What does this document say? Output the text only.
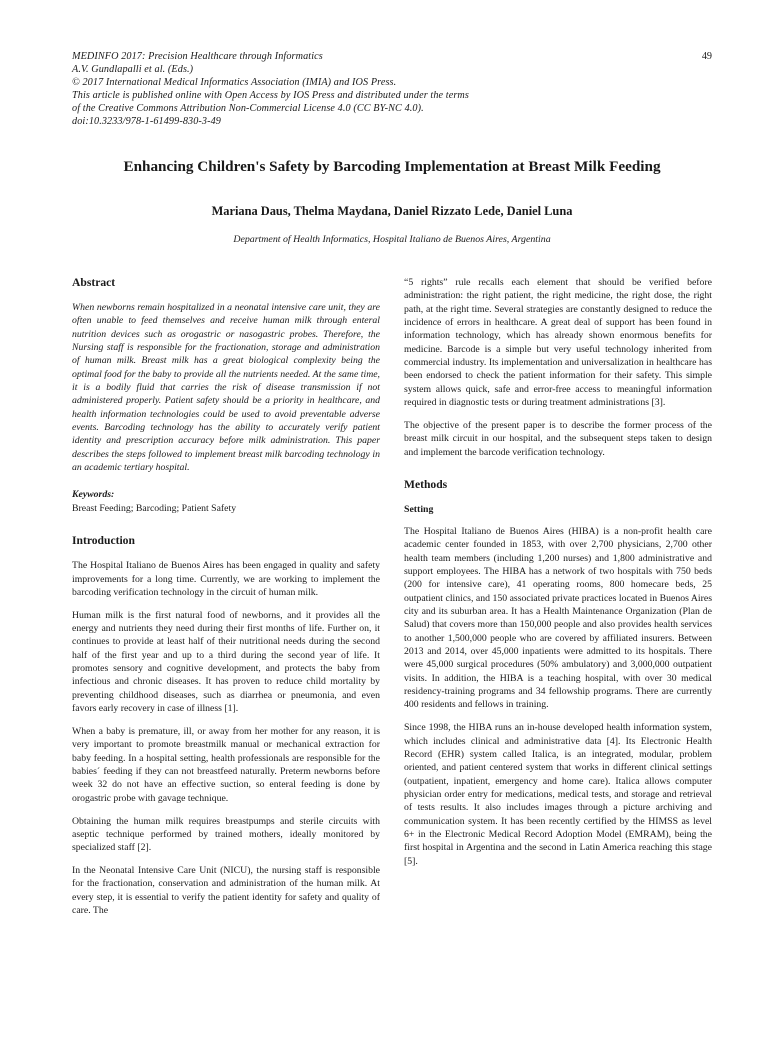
MEDINFO 2017: Precision Healthcare through Informatics
A.V. Gundlapalli et al. (Eds.)
© 2017 International Medical Informatics Association (IMIA) and IOS Press.
This article is published online with Open Access by IOS Press and distributed under the terms
of the Creative Commons Attribution Non-Commercial License 4.0 (CC BY-NC 4.0).
doi:10.3233/978-1-61499-830-3-49
49
Enhancing Children's Safety by Barcoding Implementation at Breast Milk Feeding
Mariana Daus, Thelma Maydana, Daniel Rizzato Lede, Daniel Luna
Department of Health Informatics, Hospital Italiano de Buenos Aires, Argentina
Abstract

When newborns remain hospitalized in a neonatal intensive care unit, they are often unable to feed themselves and receive human milk through enteral nutrition devices such as orogastric or nasogastric probes. Therefore, the Nursing staff is responsible for the fractionation, storage and administration of human milk. Breast milk has a great biological complexity being the optimal food for the baby to provide all the nutrients needed. At the same time, it is a bodily fluid that carries the risk of disease transmission if not administered properly. Patient safety should be a priority in healthcare, and health information technologies could be used to avoid preventable adverse events. Barcoding technology has the ability to accurately verify patient identity and prescription accuracy before milk administration. This paper describes the steps followed to implement breast milk barcoding technology in an academic tertiary hospital.

Keywords:

Breast Feeding; Barcoding; Patient Safety

Introduction

The Hospital Italiano de Buenos Aires has been engaged in quality and safety improvements for a long time. Currently, we are working to implement the barcoding verification technology in the circuit of human milk.

Human milk is the first natural food of newborns, and it provides all the energy and nutrients they need during their first months of life. Further on, it continues to provide at least half of their nutritional needs during the second half of the first year and up to a third during the second year of life. It promotes sensory and cognitive development, and protects the baby from infectious and chronic diseases. It has proven to reduce child mortality by preventing childhood diseases, such as diarrhea or pneumonia, and even favors early recovery in case of illness [1].

When a baby is premature, ill, or away from her mother for any reason, it is very important to promote breastmilk manual or mechanical extraction for baby feeding. In a hospital setting, health professionals are responsible for the babies´ feeding if they can not breastfeed naturally. Preterm newborns before week 32 do not have an effective suction, so enteral feeding is done by orogastric probe with gavage technique.

Obtaining the human milk requires breastpumps and sterile circuits with aseptic technique performed by trained mothers, ideally monitored by specialized staff [2].

In the Neonatal Intensive Care Unit (NICU), the nursing staff is responsible for the fractionation, conservation and administration of the human milk. At every step, it is essential to verify the patient identity for safety and quality of care. The

“5 rights” rule recalls each element that should be verified before administration: the right patient, the right medicine, the right dose, the right path, at the right time. Several strategies are constantly designed to reduce the incidence of errors in healthcare. A great deal of support has been found in information technology, which has already shown enormous benefits for medicine. Barcode is a simple but very useful technology inherited from commercial industry. Its implementation and universalization in healthcare has been endorsed to check the patient information for their safety. This simple system allows quick, safe and error-free access to meaningful information required in diagnostic tests or during treatment administrations [3].

The objective of the present paper is to describe the former process of the breast milk circuit in our hospital, and the subsequent steps taken to design and implement the barcode verification technology.

Methods
Setting

The Hospital Italiano de Buenos Aires (HIBA) is a non-profit health care academic center founded in 1853, with over 2,700 physicians, 2,700 other health team members (including 1,200 nurses) and 1,800 administrative and support employees. The HIBA has a network of two hospitals with 750 beds (200 for intensive care), 41 operating rooms, 800 homecare beds, 25 outpatient clinics, and 150 associated private practices located in Buenos Aires city and its suburban area. It has a Health Maintenance Organization (Plan de Salud) that covers more than 150,000 people and also provides health services to another 1,500,000 people who are covered by affiliated insurers. Between 2013 and 2014, over 45,000 inpatients were admitted to its hospitals. There were 45,000 surgical procedures (50% ambulatory) and 3,000,000 outpatient visits. In addition, the HIBA is a teaching hospital, with over 30 medical residency-training programs and 34 fellowship programs. There are currently 400 residents and fellows in training.

Since 1998, the HIBA runs an in-house developed health information system, which includes clinical and administrative data [4]. Its Electronic Health Record (EHR) system called Italica, is an integrated, modular, problem oriented, and patient centered system that works in different clinical settings (outpatient, inpatient, emergency and home care). Italica allows computer physician order entry for medications, medical tests, and storage and retrieval of tests results. It also includes images through a picture archiving and communication system. It has been recently certified by the HIMSS as level 6+ in the Electronic Medical Record Adoption Model (EMRAM), being the first hospital in Argentina and the second in Latin America reaching this stage [5].
